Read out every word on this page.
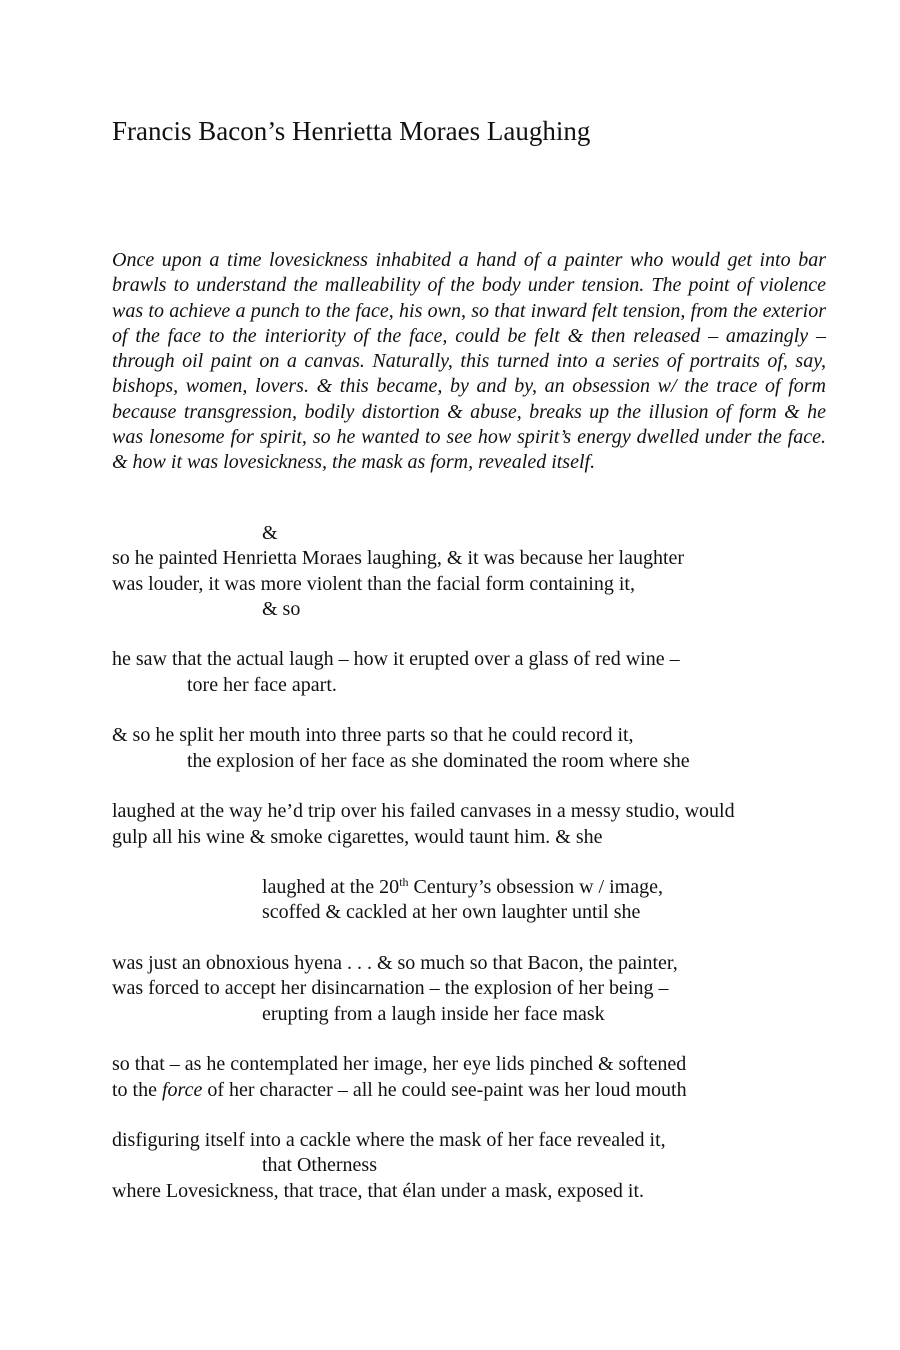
Francis Bacon’s Henrietta Moraes Laughing

Once upon a time lovesickness inhabited a hand of a painter who would get into bar brawls to understand the malleability of the body under tension. The point of violence was to achieve a punch to the face, his own, so that inward felt tension, from the exterior of the face to the interiority of the face, could be felt & then released – amazingly – through oil paint on a canvas. Naturally, this turned into a series of portraits of, say, bishops, women, lovers. & this became, by and by, an obsession w/ the trace of form because transgression, bodily distortion & abuse, breaks up the illusion of form & he was lonesome for spirit, so he wanted to see how spirit’s energy dwelled under the face. & how it was lovesickness, the mask as form, revealed itself.

&
so he painted Henrietta Moraes laughing, & it was because her laughter
was louder, it was more violent than the facial form containing it,
& so
he saw that the actual laugh – how it erupted over a glass of red wine –
tore her face apart.
& so he split her mouth into three parts so that he could record it,
the explosion of her face as she dominated the room where she
laughed at the way he’d trip over his failed canvases in a messy studio, would
gulp all his wine & smoke cigarettes, would taunt him. & she
laughed at the 20th Century’s obsession w / image,
scoffed & cackled at her own laughter until she
was just an obnoxious hyena . . . & so much so that Bacon, the painter,
was forced to accept her disincarnation – the explosion of her being –
erupting from a laugh inside her face mask
so that – as he contemplated her image, her eye lids pinched & softened
to the force of her character – all he could see-paint was her loud mouth
disfiguring itself into a cackle where the mask of her face revealed it,
that Otherness
where Lovesickness, that trace, that élan under a mask, exposed it.
